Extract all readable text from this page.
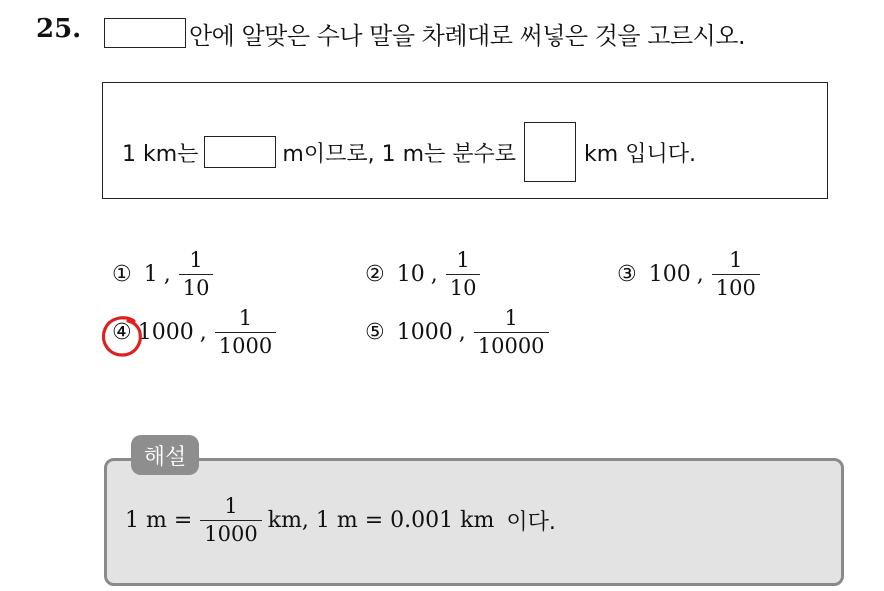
25.	안에 알맞은 수나 말을 차례대로 써넣은 것을 고르시오.
1 km는	m이므로, 1 m는 분수로	km 입니다.
① 1 , $\frac{1}{10}$	② 10 , $\frac{1}{10}$	③ 100 , $\frac{1}{100}$
④ 1000 , $\frac{1}{1000}$	⑤ 1000 , $\frac{1}{10000}$
해설
1 $m = \frac{1}{1000}$ km, 1 m = 0.001 km 이다.
